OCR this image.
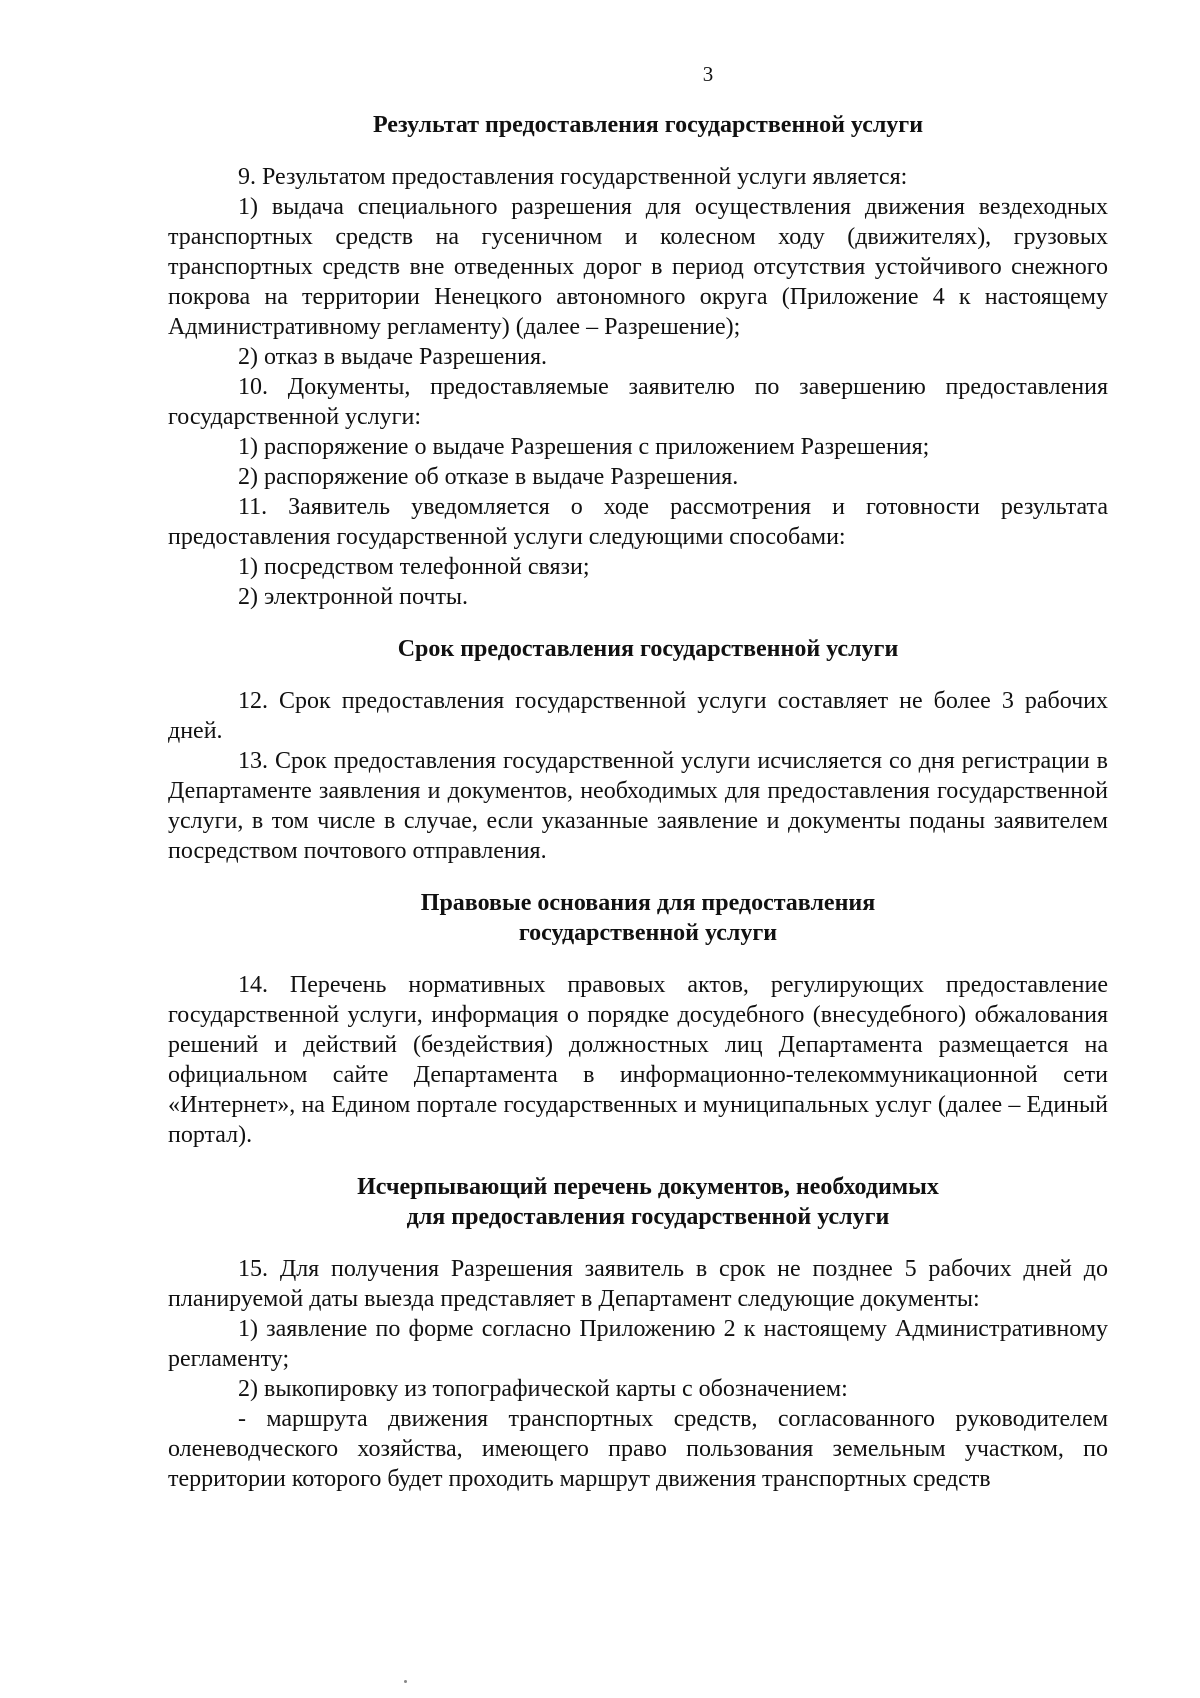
3
Результат предоставления государственной услуги

9. Результатом предоставления государственной услуги является:

1) выдача специального разрешения для осуществления движения вездеходных транспортных средств на гусеничном и колесном ходу (движителях), грузовых транспортных средств вне отведенных дорог в период отсутствия устойчивого снежного покрова на территории Ненецкого автономного округа (Приложение 4 к настоящему Административному регламенту) (далее – Разрешение);

2) отказ в выдаче Разрешения.

10. Документы, предоставляемые заявителю по завершению предоставления государственной услуги:

1) распоряжение о выдаче Разрешения с приложением Разрешения;

2) распоряжение об отказе в выдаче Разрешения.

11. Заявитель уведомляется о ходе рассмотрения и готовности результата предоставления государственной услуги следующими способами:

1) посредством телефонной связи;

2) электронной почты.

Срок предоставления государственной услуги

12. Срок предоставления государственной услуги составляет не более 3 рабочих дней.

13. Срок предоставления государственной услуги исчисляется со дня регистрации в Департаменте заявления и документов, необходимых для предоставления государственной услуги, в том числе в случае, если указанные заявление и документы поданы заявителем посредством почтового отправления.

Правовые основания для предоставления
государственной услуги

14. Перечень нормативных правовых актов, регулирующих предоставление государственной услуги, информация о порядке досудебного (внесудебного) обжалования решений и действий (бездействия) должностных лиц Департамента размещается на официальном сайте Департамента в информационно-телекоммуникационной сети «Интернет», на Едином портале государственных и муниципальных услуг (далее – Единый портал).

Исчерпывающий перечень документов, необходимых
для предоставления государственной услуги

15. Для получения Разрешения заявитель в срок не позднее 5 рабочих дней до планируемой даты выезда представляет в Департамент следующие документы:

1) заявление по форме согласно Приложению 2 к настоящему Административному регламенту;

2) выкопировку из топографической карты с обозначением:

- маршрута движения транспортных средств, согласованного руководителем оленеводческого хозяйства, имеющего право пользования земельным участком, по территории которого будет проходить маршрут движения транспортных средств
